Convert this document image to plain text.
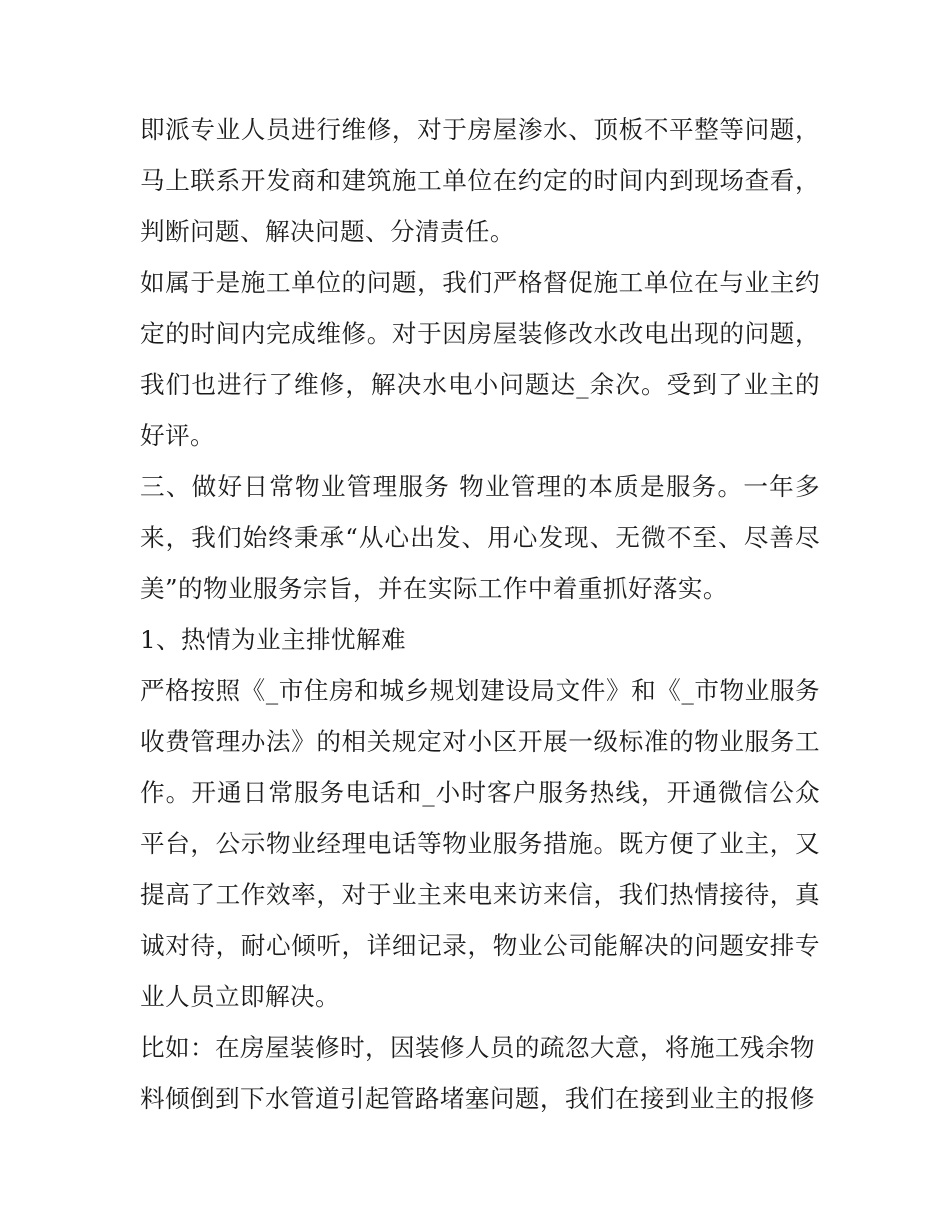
即派专业人员进行维修，对于房屋渗水、顶板不平整等问题，马上联系开发商和建筑施工单位在约定的时间内到现场查看，判断问题、解决问题、分清责任。

如属于是施工单位的问题，我们严格督促施工单位在与业主约定的时间内完成维修。对于因房屋装修改水改电出现的问题，我们也进行了维修，解决水电小问题达_余次。受到了业主的好评。

三、做好日常物业管理服务 物业管理的本质是服务。一年多来，我们始终秉承“从心出发、用心发现、无微不至、尽善尽美”的物业服务宗旨，并在实际工作中着重抓好落实。

1、热情为业主排忧解难

严格按照《_市住房和城乡规划建设局文件》和《_市物业服务收费管理办法》的相关规定对小区开展一级标准的物业服务工作。开通日常服务电话和_小时客户服务热线，开通微信公众平台，公示物业经理电话等物业服务措施。既方便了业主，又提高了工作效率，对于业主来电来访来信，我们热情接待，真诚对待，耐心倾听，详细记录，物业公司能解决的问题安排专业人员立即解决。

比如：在房屋装修时，因装修人员的疏忽大意，将施工残余物料倾倒到下水管道引起管路堵塞问题，我们在接到业主的报修
